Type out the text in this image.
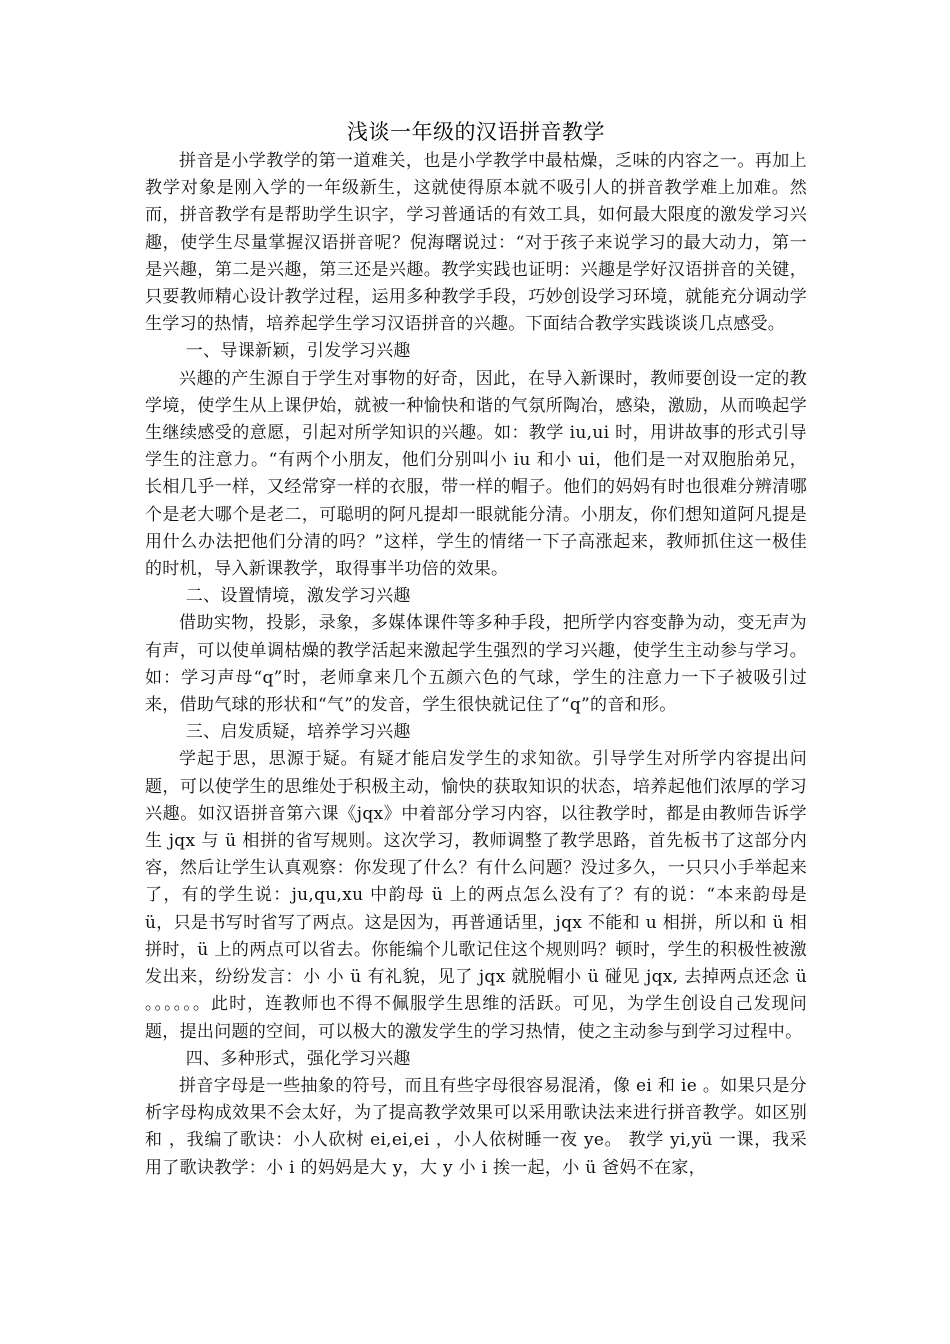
浅谈一年级的汉语拼音教学

拼音是小学教学的第一道难关，也是小学教学中最枯燥，乏味的内容之一。再加上教学对象是刚入学的一年级新生，这就使得原本就不吸引人的拼音教学难上加难。然而，拼音教学有是帮助学生识字，学习普通话的有效工具，如何最大限度的激发学习兴趣，使学生尽量掌握汉语拼音呢？倪海曙说过：“对于孩子来说学习的最大动力，第一是兴趣，第二是兴趣，第三还是兴趣。教学实践也证明：兴趣是学好汉语拼音的关键，只要教师精心设计教学过程，运用多种教学手段，巧妙创设学习环境，就能充分调动学生学习的热情，培养起学生学习汉语拼音的兴趣。下面结合教学实践谈谈几点感受。

一、导课新颖，引发学习兴趣

兴趣的产生源自于学生对事物的好奇，因此，在导入新课时，教师要创设一定的教学境，使学生从上课伊始，就被一种愉快和谐的气氛所陶冶，感染，激励，从而唤起学生继续感受的意愿，引起对所学知识的兴趣。如：教学 iu,ui 时，用讲故事的形式引导学生的注意力。“有两个小朋友，他们分别叫小 iu 和小 ui，他们是一对双胞胎弟兄，长相几乎一样，又经常穿一样的衣服，带一样的帽子。他们的妈妈有时也很难分辨清哪个是老大哪个是老二，可聪明的阿凡提却一眼就能分清。小朋友，你们想知道阿凡提是用什么办法把他们分清的吗？”这样，学生的情绪一下子高涨起来，教师抓住这一极佳的时机，导入新课教学，取得事半功倍的效果。

二、设置情境，激发学习兴趣

借助实物，投影，录象，多媒体课件等多种手段，把所学内容变静为动，变无声为有声，可以使单调枯燥的教学活起来激起学生强烈的学习兴趣，使学生主动参与学习。如：学习声母“q”时，老师拿来几个五颜六色的气球，学生的注意力一下子被吸引过来，借助气球的形状和“气”的发音，学生很快就记住了“q”的音和形。

三、启发质疑，培养学习兴趣

学起于思，思源于疑。有疑才能启发学生的求知欲。引导学生对所学内容提出问题，可以使学生的思维处于积极主动，愉快的获取知识的状态，培养起他们浓厚的学习兴趣。如汉语拼音第六课《jqx》中着部分学习内容，以往教学时，都是由教师告诉学生 jqx 与 ü 相拼的省写规则。这次学习，教师调整了教学思路，首先板书了这部分内容，然后让学生认真观察：你发现了什么？有什么问题？没过多久，一只只小手举起来了，有的学生说：ju,qu,xu 中韵母 ü 上的两点怎么没有了？有的说：“本来韵母是 ü，只是书写时省写了两点。这是因为，再普通话里，jqx 不能和 u 相拼，所以和 ü 相拼时，ü 上的两点可以省去。你能编个儿歌记住这个规则吗？顿时，学生的积极性被激发出来，纷纷发言：小 小 ü 有礼貌，见了 jqx 就脱帽小 ü 碰见 jqx, 去掉两点还念 ü 。。。。。。此时，连教师也不得不佩服学生思维的活跃。可见，为学生创设自己发现问题，提出问题的空间，可以极大的激发学生的学习热情，使之主动参与到学习过程中。

四、多种形式，强化学习兴趣

拼音字母是一些抽象的符号，而且有些字母很容易混淆，像 ei 和 ie 。如果只是分析字母构成效果不会太好，为了提高教学效果可以采用歌诀法来进行拼音教学。如区别 和 ，我编了歌诀：小人砍树 ei,ei,ei ，小人依树睡一夜 ye。 教学 yi,yü 一课，我采用了歌诀教学：小 i 的妈妈是大 y，大 y 小 i 挨一起，小 ü 爸妈不在家，
